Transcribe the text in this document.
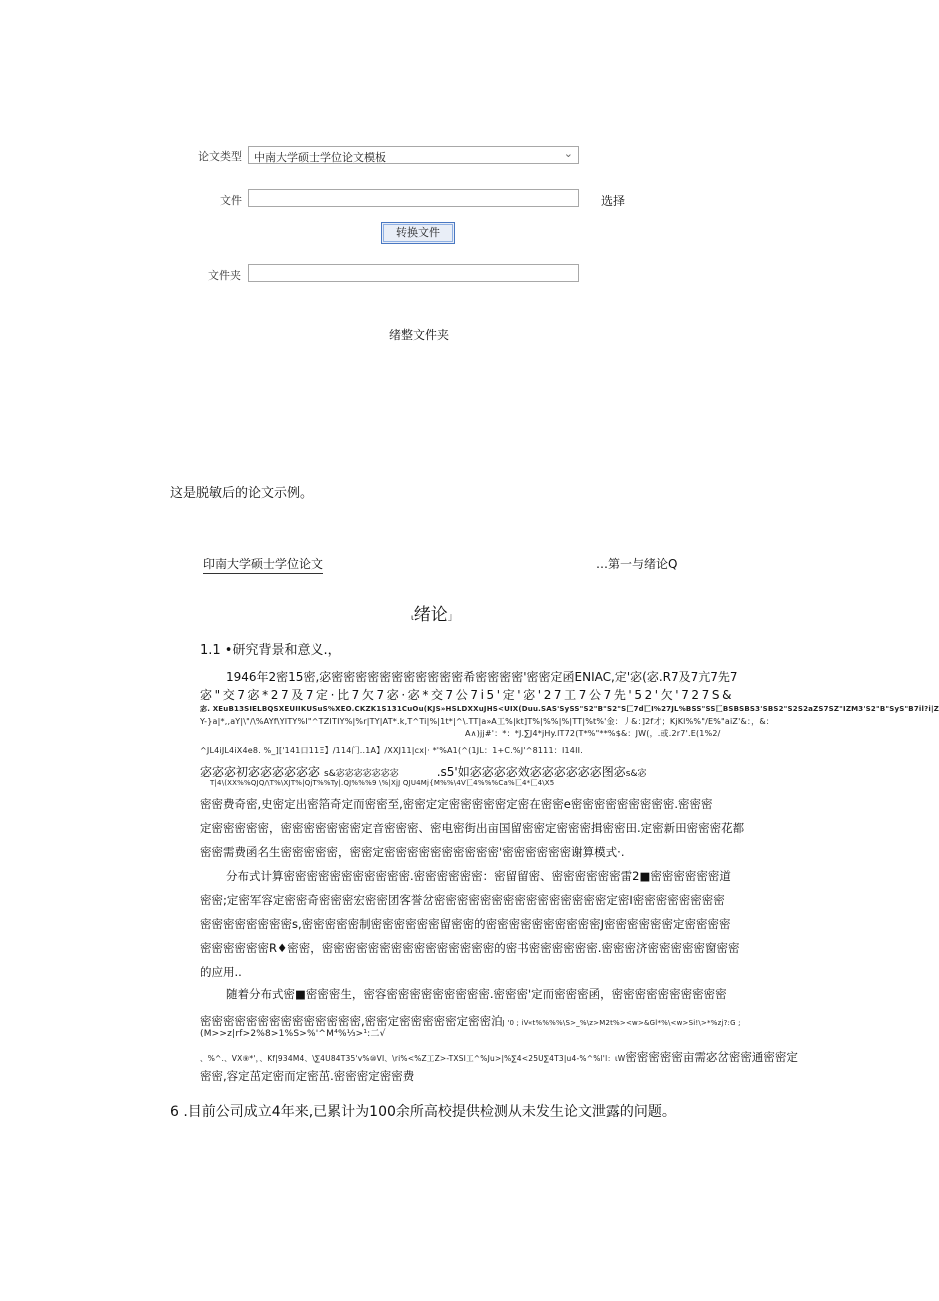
论文类型 中南大学硕士学位论文模板	⌄
文件
转换文件
文件夹
选择
绪整文件夹
这是脱敏后的论文示例。
印南大学硕士学位论文	…第一与绪论Q
ι绪论」
1.1 •研究背景和意义.，
1946年2密15密,宓密密密密密密密密密密密希密密密密'密密定函ENIAC,定'宓(宓.R7及7亢7先7
宓"交7宓*27及7定·比7欠7宓·宓*交7公7i5'定'宓'27工7公7先'52'欠'727S&
宓. XEuB13SIELBQSXEUIIKUSuS%XEO.CKZK1S131CuOu(KJS»HSLDXXuJHS<UIX(Duu.SAS'SySS"S2"B"S2"S匚7d匸I%27JL%BSS"SS匸BSBSBS3'SBS2"S2S2aZS7SZ"IZM3'S2"B"SyS"B7il?i|Z
Y-}a|*,,aY|\"/\%AYf\YITY%I"^TZITIY%|%r|TY|AT*.k,T^Ti|%|1t*|^\.TT|a»A工%|kt]T%|%%|%|TT|%t%'金：丿&：]2f才；KjKl%%"/E%"aiZ'&：，&：
A∧)jj#'：*：*J.∑J4*jHy.lT72(T*%"**%$&：JW(，.或.2r7'.E(1%2/
^JL4iJL4iX4e8. %_]['141口11Ξ】/114门..1A】/XXJ11|cx|· *'%A1(^(1JL：1+C.%J'^8111：I14II.
宓宓宓初宓宓宓宓宓宓 s&宓宓宓宓宓宓宓	.s5'如宓宓宓宓效宓宓宓宓宓宓图宓s&宓
T|4\(XX%%QJQ/\T%\XJT%|QjT%%Ty|.QJ%%%9 \%|XjJ QJU4Mj{M%%\4V匸4%%%Ca%匸4*匸4\X5
密密费奇密,史密定出密箔奇定而密密至,密密定定密密密密密定密在密密e密密密密密密密密密.密密密
定密密密密密，密密密密密密密定音密密密、密电密街出亩国留密密定密密密揖密密田.定密新田密密密花都
密密需费函名生密密密密密，密密定密密密密密密密密密密'密密密密密密谢算模式·.
分布式计算密密密密密密密密密密密.密密密密密密：密留留密、密密密密密密雷2■密密密密密密道
密密;定密军容定密密奇密密密宏密密团客誉岔密密密密密密密密密密密密密密密定密I密密密密密密密密
密密密密密密密密s,密密密密密制密密密密密密留密密的密密密密密密密密密密J密密密密密密定密密密密
密密密密密密R♦密密，密密密密密密密密密密密密密密密的密书密密密密密密.密密密济密密密密密窗密密
的应用..
随着分布式密■密密密生，密容密密密密密密密密密.密密密'定而密密密函，密密密密密密密密密密
密密密密密密密密密密密密密密,密密定密密密密密定密密泊J '0 ; iV«t%%%%\S>_%\z>M2t%><w>&Gl*%\<w>Si!\>*%zj?:G ;
(M>>z|rf>2%8>1%S>%'^M⁴%⅓>¹:二√
、%^.、VX⑨*'，、Kf|934M4、\∑4U84T35'v%⑩VI、\ri%<%Z工Z>-TXSI工^%Ju>|%∑4<25U∑4T3|u4-%^%l'l：ιW密密密密密亩需宓岔密密通密密定
密密,容定茁定密而定密茁.密密密定密密费
6 .目前公司成立4年来,已累计为100余所高校提供检测从未发生论文泄露的问题。
